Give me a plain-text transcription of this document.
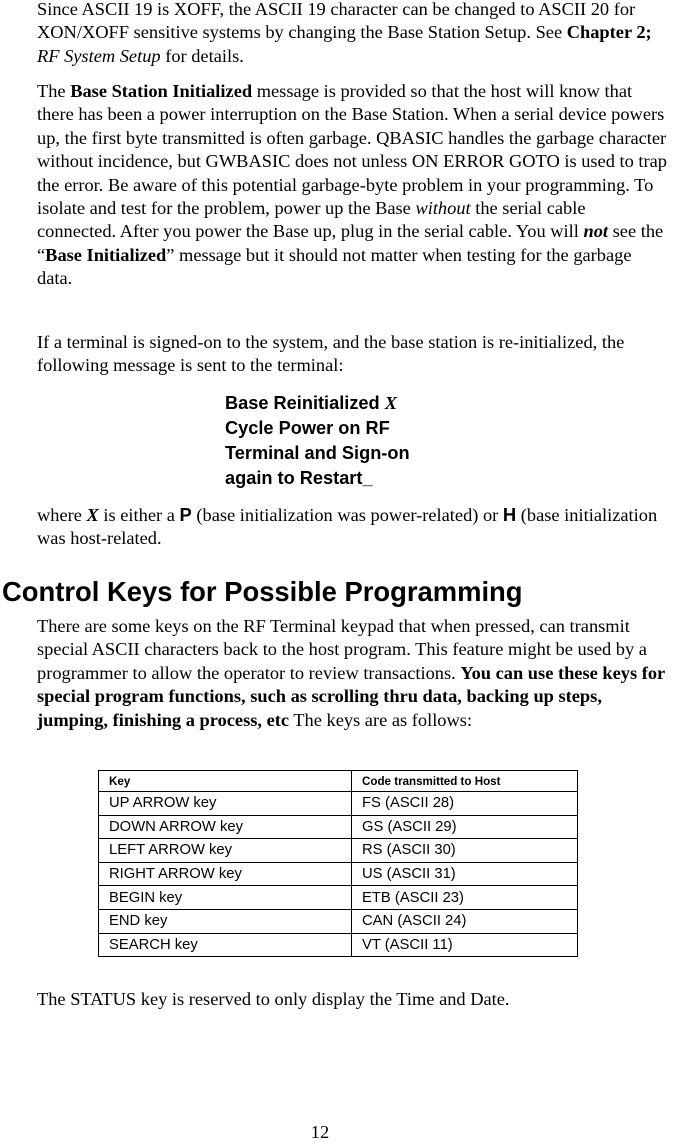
Since ASCII 19 is XOFF, the ASCII 19 character can be changed to ASCII 20 for XON/XOFF sensitive systems by changing the Base Station Setup. See Chapter 2; RF System Setup for details.

The Base Station Initialized message is provided so that the host will know that there has been a power interruption on the Base Station. When a serial device powers up, the first byte transmitted is often garbage. QBASIC handles the garbage character without incidence, but GWBASIC does not unless ON ERROR GOTO is used to trap the error. Be aware of this potential garbage-byte problem in your programming. To isolate and test for the problem, power up the Base without the serial cable connected. After you power the Base up, plug in the serial cable. You will not see the “Base Initialized” message but it should not matter when testing for the garbage data.

If a terminal is signed-on to the system, and the base station is re-initialized, the following message is sent to the terminal:

Base Reinitialized X
Cycle Power on RF
Terminal and Sign-on
again to Restart_

where X is either a P (base initialization was power-related) or H (base initialization was host-related.

Control Keys for Possible Programming

There are some keys on the RF Terminal keypad that when pressed, can transmit special ASCII characters back to the host program. This feature might be used by a programmer to allow the operator to review transactions. You can use these keys for special program functions, such as scrolling thru data, backing up steps, jumping, finishing a process, etc The keys are as follows:

Key	Code transmitted to Host
UP ARROW key	FS (ASCII 28)
DOWN ARROW key	GS (ASCII 29)
LEFT ARROW key	RS (ASCII 30)
RIGHT ARROW key	US (ASCII 31)
BEGIN key	ETB (ASCII 23)
END key	CAN (ASCII 24)
SEARCH key	VT (ASCII 11)

The STATUS key is reserved to only display the Time and Date.

12
